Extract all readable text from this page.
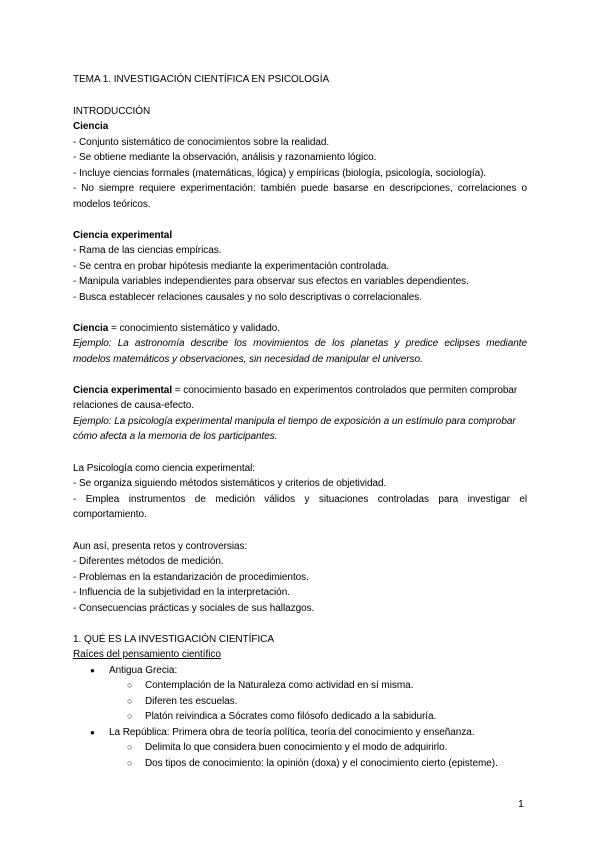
TEMA 1. INVESTIGACIÓN CIENTÍFICA EN PSICOLOGÍA
INTRODUCCIÓN
Ciencia
- Conjunto sistemático de conocimientos sobre la realidad.
- Se obtiene mediante la observación, análisis y razonamiento lógico.
- Incluye ciencias formales (matemáticas, lógica) y empíricas (biología, psicología, sociología).
- No siempre requiere experimentación: también puede basarse en descripciones, correlaciones o
modelos teóricos.
Ciencia experimental
- Rama de las ciencias empíricas.
- Se centra en probar hipótesis mediante la experimentación controlada.
- Manipula variables independientes para observar sus efectos en variables dependientes.
- Busca establecer relaciones causales y no solo descriptivas o correlacionales.
Ciencia = conocimiento sistemático y validado.
Ejemplo: La astronomía describe los movimientos de los planetas y predice eclipses mediante
modelos matemáticos y observaciones, sin necesidad de manipular el universo.
Ciencia experimental = conocimiento basado en experimentos controlados que permiten comprobar
relaciones de causa-efecto.
Ejemplo: La psicología experimental manipula el tiempo de exposición a un estímulo para comprobar
cómo afecta a la memoria de los participantes.
La Psicología como ciencia experimental:
- Se organiza siguiendo métodos sistemáticos y criterios de objetividad.
- Emplea instrumentos de medición válidos y situaciones controladas para investigar el
comportamiento.
Aun así, presenta retos y controversias:
- Diferentes métodos de medición.
- Problemas en la estandarización de procedimientos.
- Influencia de la subjetividad en la interpretación.
- Consecuencias prácticas y sociales de sus hallazgos.
1. QUÉ ES LA INVESTIGACIÓN CIENTÍFICA
Raíces del pensamiento científico
● Antigua Grecia:
○ Contemplación de la Naturaleza como actividad en sí misma.
○ Diferen tes escuelas.
○ Platón reivindica a Sócrates como filósofo dedicado a la sabiduría.
● La República: Primera obra de teoría política, teoría del conocimiento y enseñanza.
○ Delimita lo que considera buen conocimiento y el modo de adquirirlo.
○ Dos tipos de conocimiento: la opinión (doxa) y el conocimiento cierto (episteme).
1
